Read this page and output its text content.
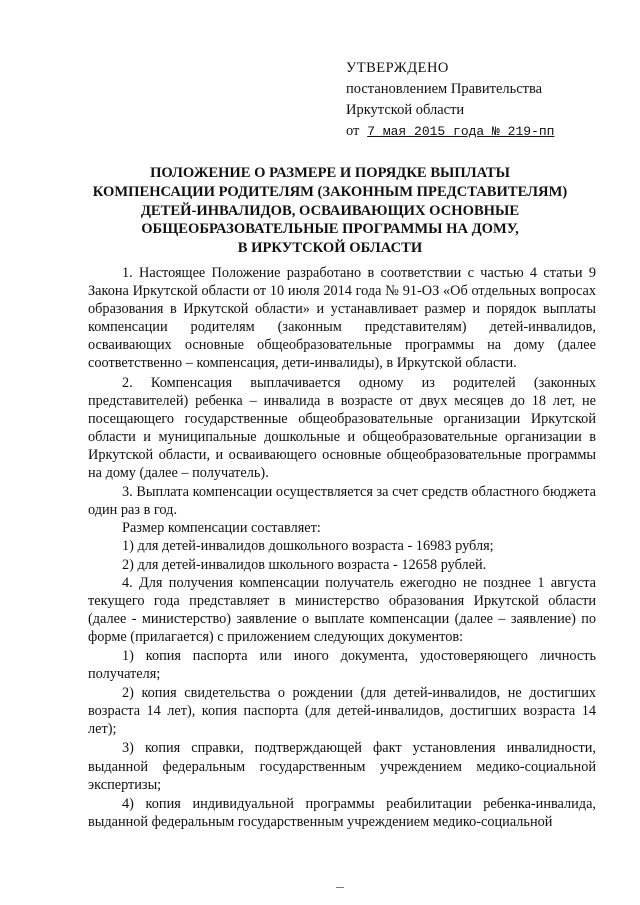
УТВЕРЖДЕНО
постановлением Правительства
Иркутской области
от 7 мая 2015 года № 219-пп
ПОЛОЖЕНИЕ О РАЗМЕРЕ И ПОРЯДКЕ ВЫПЛАТЫ
КОМПЕНСАЦИИ РОДИТЕЛЯМ (ЗАКОННЫМ ПРЕДСТАВИТЕЛЯМ)
ДЕТЕЙ-ИНВАЛИДОВ, ОСВАИВАЮЩИХ ОСНОВНЫЕ
ОБЩЕОБРАЗОВАТЕЛЬНЫЕ ПРОГРАММЫ НА ДОМУ,
В ИРКУТСКОЙ ОБЛАСТИ

1. Настоящее Положение разработано в соответствии с частью 4 статьи 9 Закона Иркутской области от 10 июля 2014 года № 91-ОЗ «Об отдельных вопросах образования в Иркутской области» и устанавливает размер и порядок выплаты компенсации родителям (законным представителям) детей-инвалидов, осваивающих основные общеобразовательные программы на дому (далее соответственно – компенсация, дети-инвалиды), в Иркутской области.

2. Компенсация выплачивается одному из родителей (законных представителей) ребенка – инвалида в возрасте от двух месяцев до 18 лет, не посещающего государственные общеобразовательные организации Иркутской области и муниципальные дошкольные и общеобразовательные организации в Иркутской области, и осваивающего основные общеобразовательные программы на дому (далее – получатель).

3. Выплата компенсации осуществляется за счет средств областного бюджета один раз в год.

Размер компенсации составляет:

1) для детей-инвалидов дошкольного возраста - 16983 рубля;

2) для детей-инвалидов школьного возраста - 12658 рублей.

4. Для получения компенсации получатель ежегодно не позднее 1 августа текущего года представляет в министерство образования Иркутской области (далее - министерство) заявление о выплате компенсации (далее – заявление) по форме (прилагается) с приложением следующих документов:

1) копия паспорта или иного документа, удостоверяющего личность получателя;

2) копия свидетельства о рождении (для детей-инвалидов, не достигших возраста 14 лет), копия паспорта (для детей-инвалидов, достигших возраста 14 лет);

3) копия справки, подтверждающей факт установления инвалидности, выданной федеральным государственным учреждением медико-социальной экспертизы;

4) копия индивидуальной программы реабилитации ребенка-инвалида, выданной федеральным государственным учреждением медико-социальной
